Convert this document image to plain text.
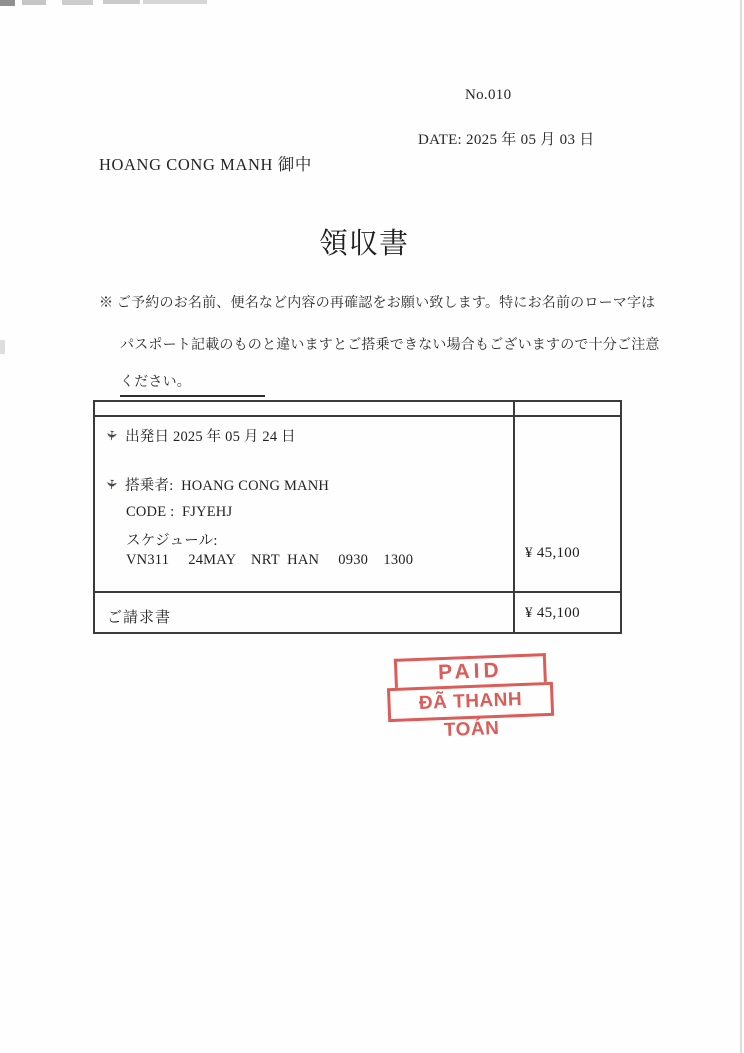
No.010
DATE: 2025 年 05 月 03 日
HOANG CONG MANH 御中
領収書
※ ご予約のお名前、便名など内容の再確認をお願い致します。特にお名前のローマ字は
パスポート記載のものと違いますとご搭乗できない場合もございますので十分ご注意
ください。
✈ 出発日 2025 年 05 月 24 日
✈ 搭乗者:  HOANG CONG MANH
CODE :  FJYEHJ
スケジュール:
VN311     24MAY    NRT  HAN     0930    1300	¥ 45,100
ご請求書	¥ 45,100
PAID
ĐÃ THANH TOÁN
